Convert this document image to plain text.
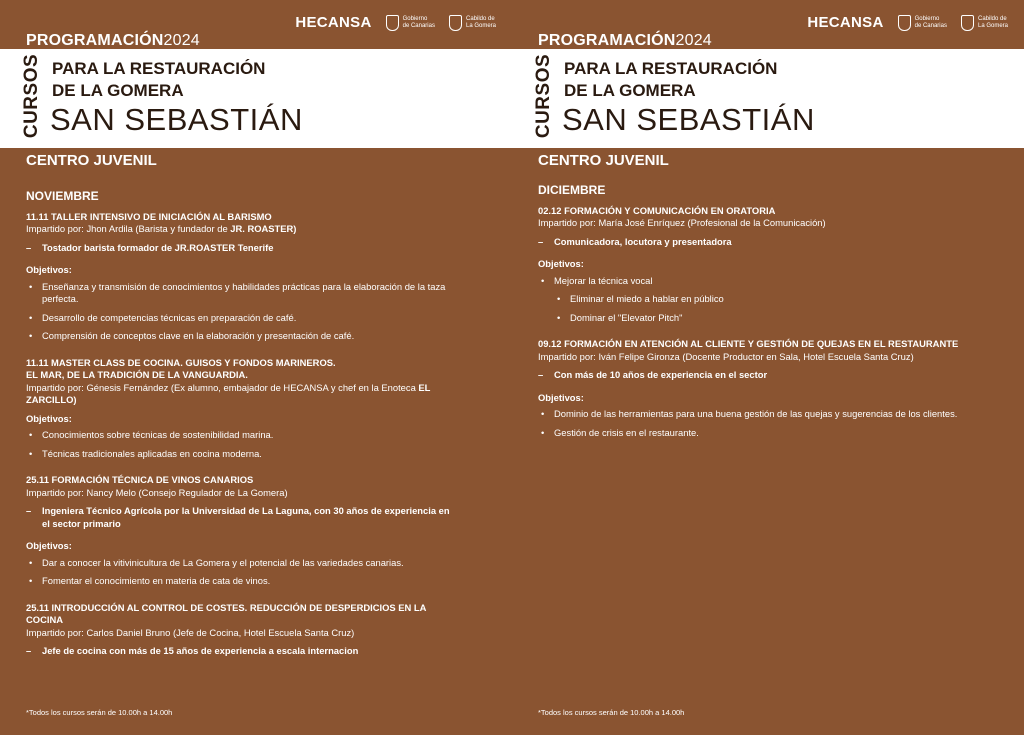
HECANSA	Gobierno
de Canarias
Cabildo de
La Gomera
PROGRAMACIÓN2024
CURSOS PARA LA RESTAURACIÓN
DE LA GOMERA
SAN SEBASTIÁN
CENTRO JUVENIL
NOVIEMBRE
11.11 TALLER INTENSIVO DE INICIACIÓN AL BARISMO
Impartido por: Jhon Ardila (Barista y fundador de JR. ROASTER)
–	Tostador barista formador de JR.ROASTER Tenerife
Objetivos:
• Enseñanza y transmisión de conocimientos y habilidades prácticas para la elaboración de la taza perfecta.
• Desarrollo de competencias técnicas en preparación de café.
• Comprensión de conceptos clave en la elaboración y presentación de café.
11.11 MASTER CLASS DE COCINA. GUISOS Y FONDOS MARINEROS.
EL MAR, DE LA TRADICIÓN DE LA VANGUARDIA.
Impartido por: Génesis Fernández (Ex alumno, embajador de HECANSA y chef en la Enoteca EL ZARCILLO)
Objetivos:
• Conocimientos sobre técnicas de sostenibilidad marina.
• Técnicas tradicionales aplicadas en cocina moderna.
25.11 FORMACIÓN TÉCNICA DE VINOS CANARIOS
Impartido por: Nancy Melo (Consejo Regulador de La Gomera)
–	Ingeniera Técnico Agrícola por la Universidad de La Laguna, con 30 años de experiencia en el sector primario
Objetivos:
• Dar a conocer la vitivinicultura de La Gomera y el potencial de las variedades canarias.
• Fomentar el conocimiento en materia de cata de vinos.
25.11 INTRODUCCIÓN AL CONTROL DE COSTES. REDUCCIÓN DE DESPERDICIOS EN LA COCINA
Impartido por: Carlos Daniel Bruno (Jefe de Cocina, Hotel Escuela Santa Cruz)
–	Jefe de cocina con más de 15 años de experiencia a escala internacion
*Todos los cursos serán de 10.00h a 14.00h
HECANSA	Gobierno
de Canarias
Cabildo de
La Gomera
PROGRAMACIÓN2024
CURSOS PARA LA RESTAURACIÓN
DE LA GOMERA
SAN SEBASTIÁN
CENTRO JUVENIL
DICIEMBRE
02.12 FORMACIÓN Y COMUNICACIÓN EN ORATORIA
Impartido por: María José Enríquez (Profesional de la Comunicación)
–	Comunicadora, locutora y presentadora
Objetivos:
• Mejorar la técnica vocal
• Eliminar el miedo a hablar en público
• Dominar el "Elevator Pitch"
09.12 FORMACIÓN EN ATENCIÓN AL CLIENTE Y GESTIÓN DE QUEJAS EN EL RESTAURANTE
Impartido por: Iván Felipe Gironza (Docente Productor en Sala, Hotel Escuela Santa Cruz)
–	Con más de 10 años de experiencia en el sector
Objetivos:
• Dominio de las herramientas para una buena gestión de las quejas y sugerencias de los clientes.
• Gestión de crisis en el restaurante.
*Todos los cursos serán de 10.00h a 14.00h
